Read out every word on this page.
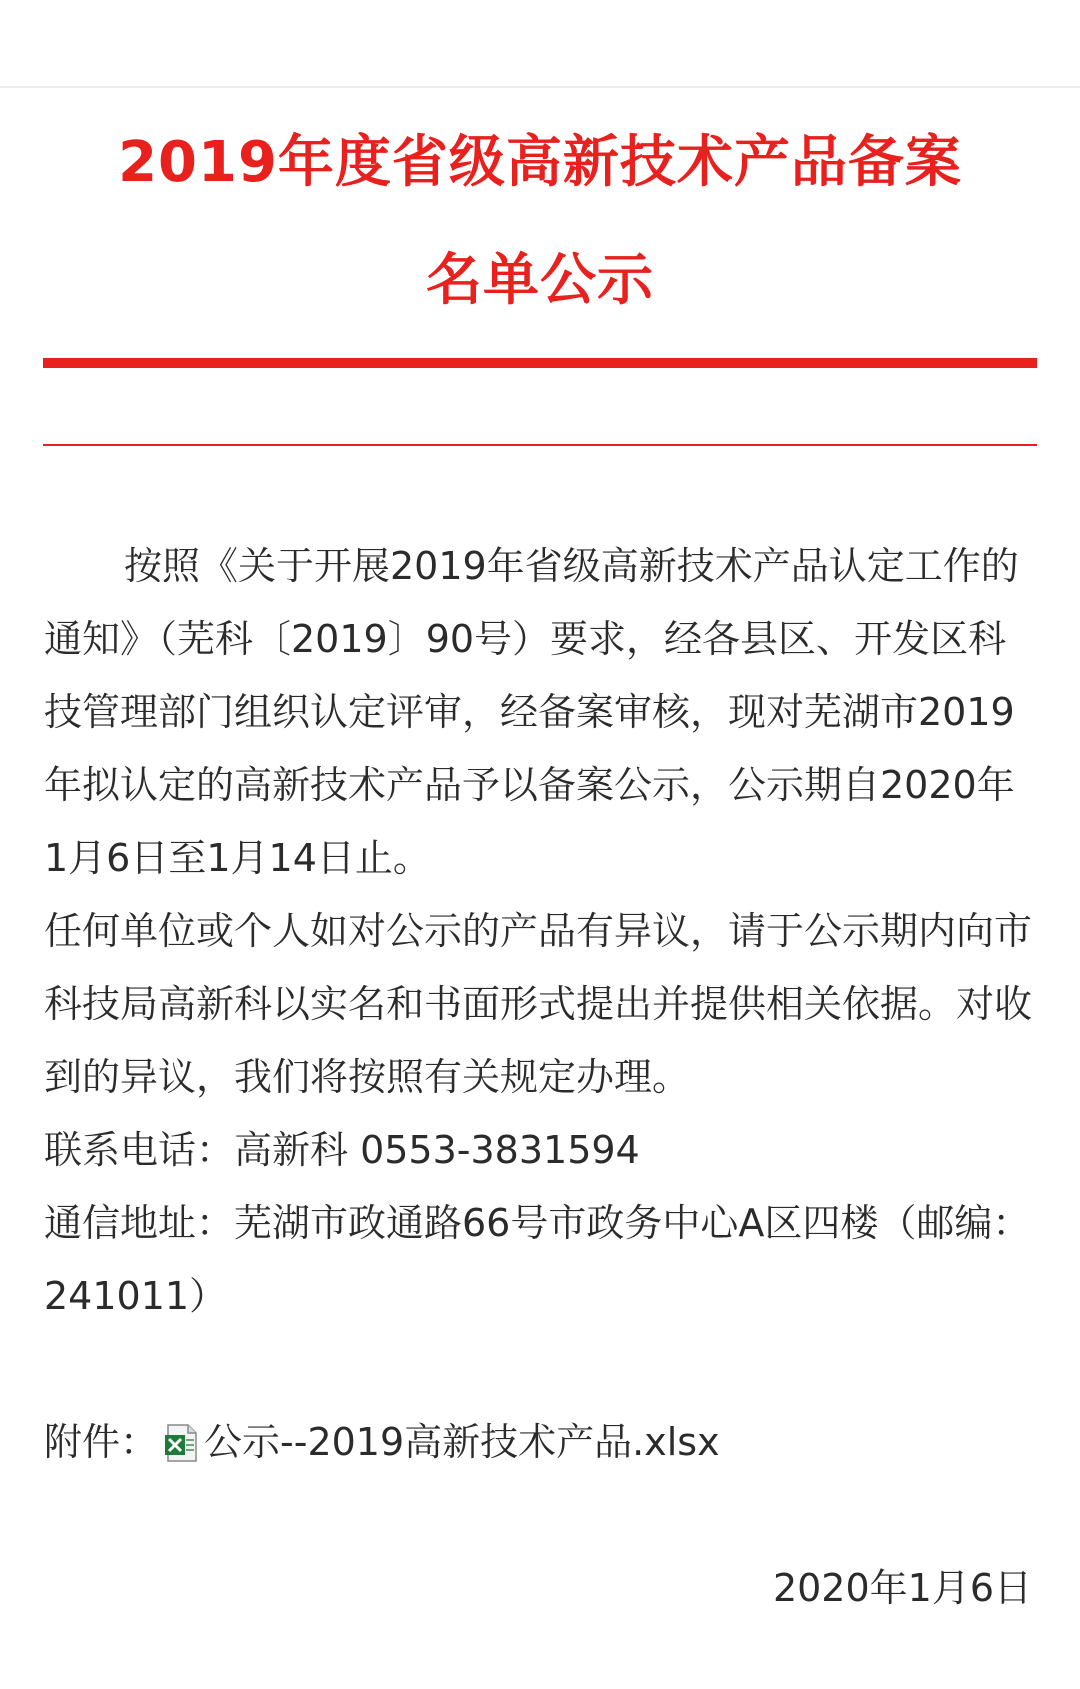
2019年度省级高新技术产品备案
名单公示

按照《关于开展2019年省级高新技术产品认定工作的通知》（芜科〔2019〕90号）要求，经各县区、开发区科技管理部门组织认定评审，经备案审核，现对芜湖市2019年拟认定的高新技术产品予以备案公示，公示期自2020年1月6日至1月14日止。

任何单位或个人如对公示的产品有异议，请于公示期内向市科技局高新科以实名和书面形式提出并提供相关依据。对收到的异议，我们将按照有关规定办理。

联系电话：高新科 0553-3831594

通信地址：芜湖市政通路66号市政务中心A区四楼（邮编：241011）

附件： 公示--2019高新技术产品.xlsx

2020年1月6日
